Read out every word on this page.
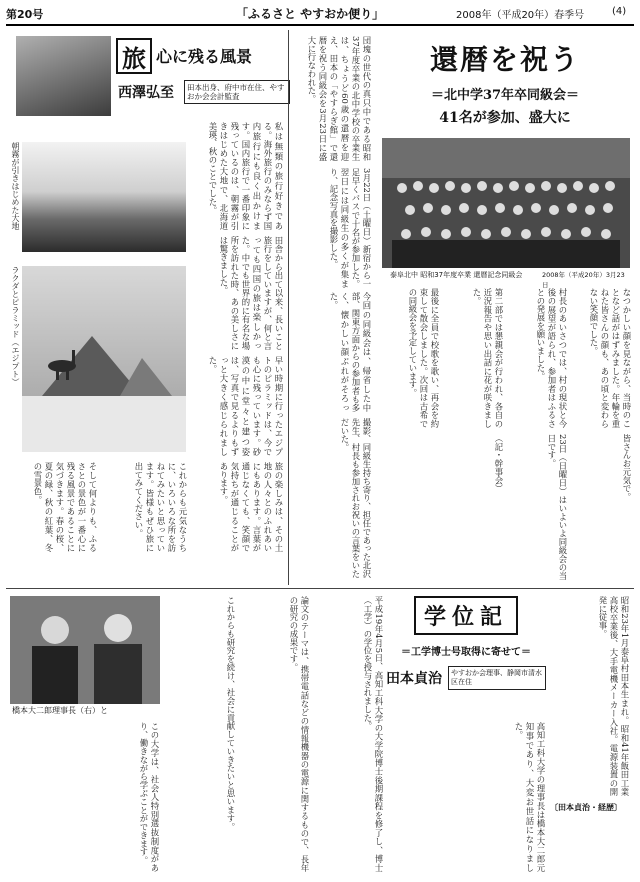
第20号	「ふるさと やすおか便り」	2008年（平成20年）春季号	(4)
旅 心に残る風景
西澤弘至	田本出身、府中市在住、やすおか会会計監査
私は無類の旅行好きである。海外旅行のみならず国内旅行にも良く出かけます。国内旅行で一番印象に残っているのは、朝霧が引きはじめた大地で、北海道美瑛、秋のことでした。
田舎から出て以来、長いこと旅行をしていますが、何と言っても四国の旅は楽しかった。中でも世界的に有名な場所を訪れた時、あの美しさには驚きました。
早い時期に行ったエジプトのピラミッドは、今でも心に残っています。砂漠の中に堂々と建つ姿は、写真で見るよりもずっと大きく感じられました。
旅の楽しみは、その土地の人々とのふれあいにもあります。言葉が通じなくても、笑顔で気持ちが通じることがあります。
そして何よりも、ふるさとの景色が一番心に残る風景であることに気づきます。春の桜、夏の緑、秋の紅葉、冬の雪景色。	これからも元気なうちに、いろいろな所を訪ねてみたいと思っています。皆様もぜひ旅に出てみてください。
朝霧が引きはじめた大地
ラクダとピラミッド（エジプト）
団塊の世代の真只中である昭和37年度卒業の北中学校の卒業生は、ちょうど60歳の還暦を迎え、田本の「やすらぎ館」で還暦を祝う同級会を3月23日に盛大に行なわれた。
3月22日（土曜日）新宿から一足早くバスで十名が参加した。翌日には同級生の多くが集まり、記念写真を撮影した。
今回の同級会は、帰省した中部、関東方面からの参加者も多く、懐かしい顔ぶれがそろった。
撮影、同級生持ち寄り、担任であった北沢先生、村長も参加されお祝いの言葉をいただいた。
還暦を祝う
＝北中学37年卒同級会＝
41名が参加、盛大に
泰阜北中 昭和37年度卒業 還暦記念同級会	2008年（平成20年）3月23日
なつかしい顔を見ながら、当時のことなど話がはずみました。年輪を重ねた皆さんの顔も、あの頃と変わらない笑顔でした。
村長のあいさつでは、村の現状と今後の展望が語られ、参加者はふるさとの発展を願いました。
第二部では懇親会が行われ、各自の近況報告や思い出話に花が咲きました。
最後に全員で校歌を歌い、再会を約束して散会しました。次回は古希での同級会を予定しています。
皆さんお元気で。
23日（日曜日）はいよいよ同級会の当日です。
（記・幹事会）
橋本大二郎理事長（右）と
この大学は、社会人特別選抜制度があり、働きながら学ぶことができます。	これからも研究を続け、社会に貢献していきたいと思います。	論文のテーマは、携帯電話などの情報機器の電源に関するもので、長年の研究の成果です。	学位記
＝工学博士号取得に寄せて＝
田本貞治	やすおか会理事、静岡市清水区在住
平成19年4月5日、高知工科大学の大学院博士後期課程を修了し、博士（工学）の学位を授与されました。
高知工科大学の理事長は橋本大二郎元知事であり、大変お世話になりました。	昭和23年1月泰阜村田本生まれ。昭和41年飯田工業高校卒業後、大手電機メーカー入社。電源装置の開発に従事。
〔田本貞治・経歴〕
